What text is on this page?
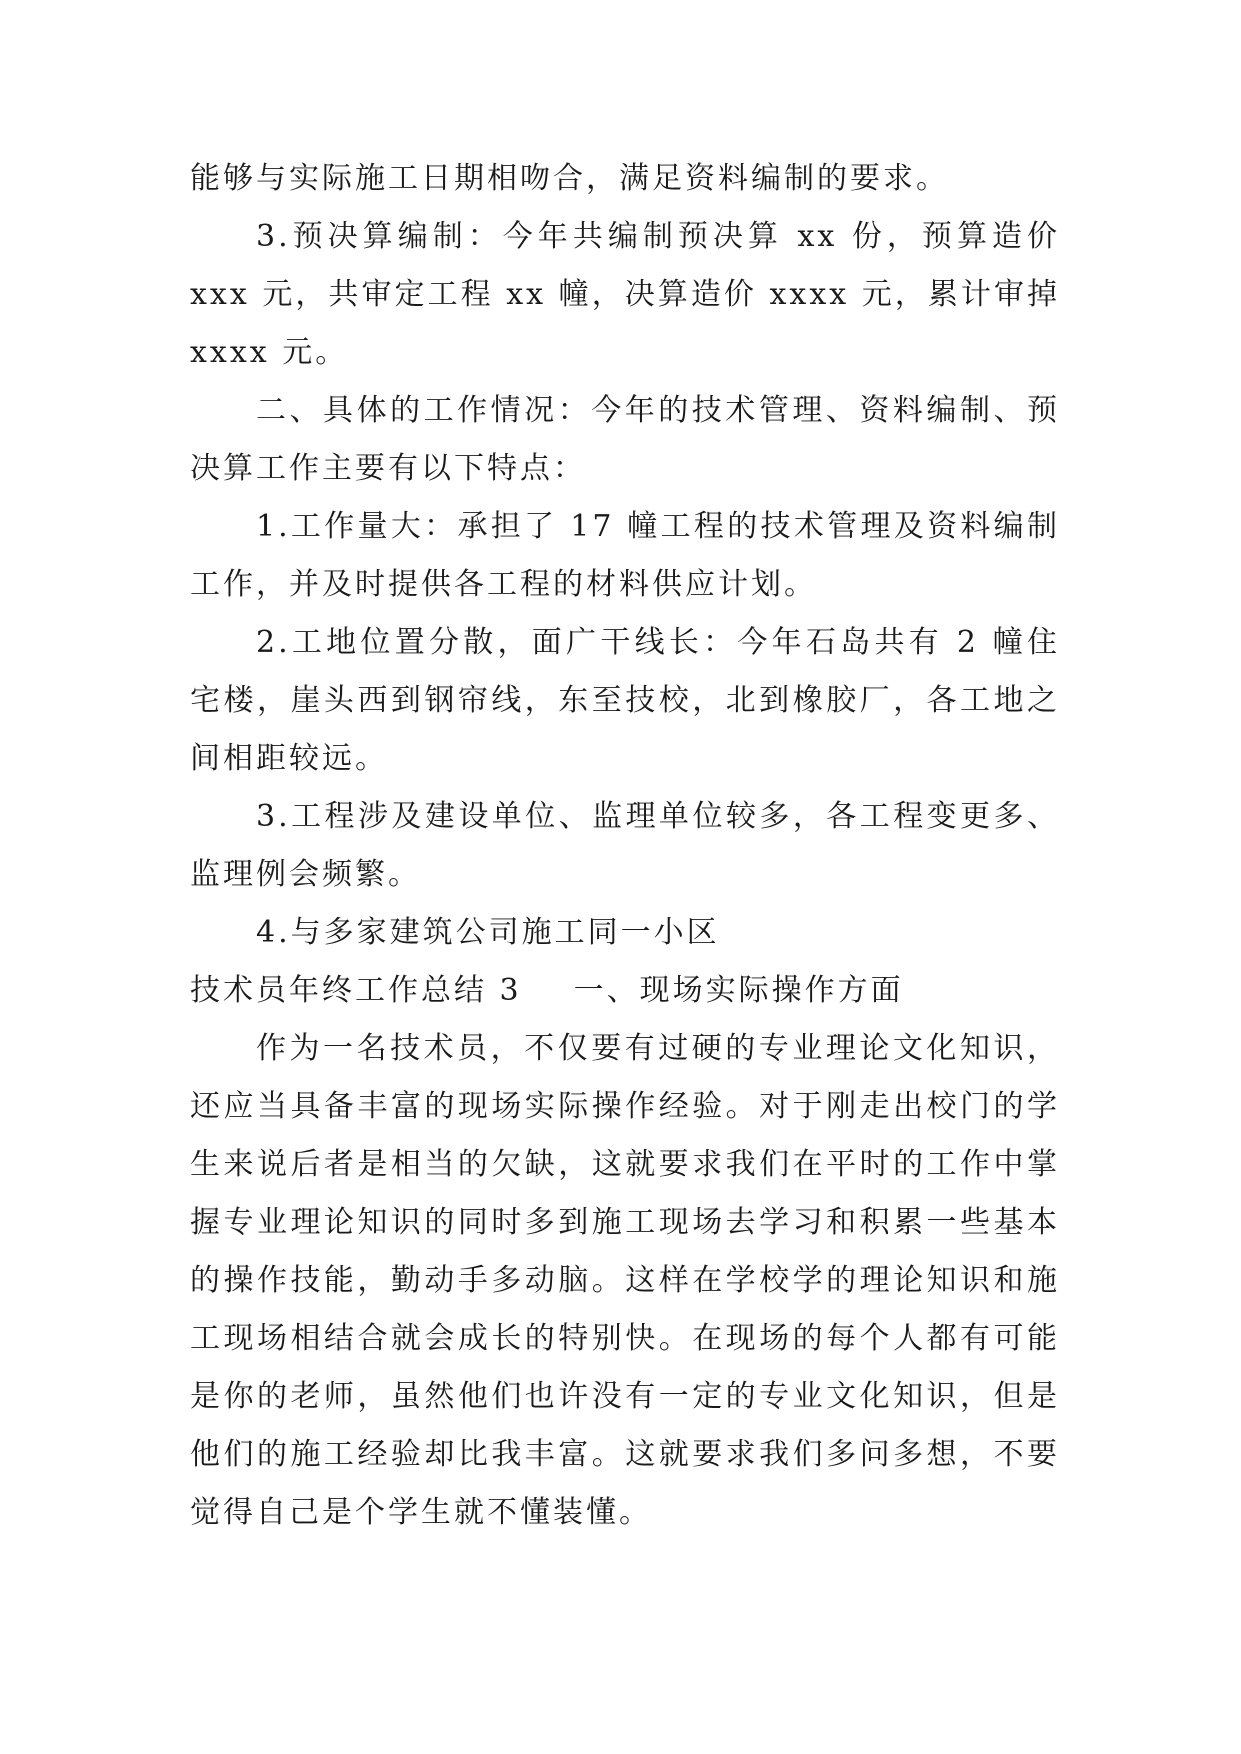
能够与实际施工日期相吻合，满足资料编制的要求。

3.预决算编制：今年共编制预决算 xx 份，预算造价 xxx 元，共审定工程 xx 幢，决算造价 xxxx 元，累计审掉 xxxx 元。

二、具体的工作情况：今年的技术管理、资料编制、预决算工作主要有以下特点：

1.工作量大：承担了 17 幢工程的技术管理及资料编制工作，并及时提供各工程的材料供应计划。

2.工地位置分散，面广干线长：今年石岛共有 2 幢住宅楼，崖头西到钢帘线，东至技校，北到橡胶厂，各工地之间相距较远。

3.工程涉及建设单位、监理单位较多，各工程变更多、监理例会频繁。

4.与多家建筑公司施工同一小区

技术员年终工作总结 3 一、现场实际操作方面

作为一名技术员，不仅要有过硬的专业理论文化知识，还应当具备丰富的现场实际操作经验。对于刚走出校门的学生来说后者是相当的欠缺，这就要求我们在平时的工作中掌握专业理论知识的同时多到施工现场去学习和积累一些基本的操作技能，勤动手多动脑。这样在学校学的理论知识和施工现场相结合就会成长的特别快。在现场的每个人都有可能是你的老师，虽然他们也许没有一定的专业文化知识，但是他们的施工经验却比我丰富。这就要求我们多问多想，不要觉得自己是个学生就不懂装懂。
